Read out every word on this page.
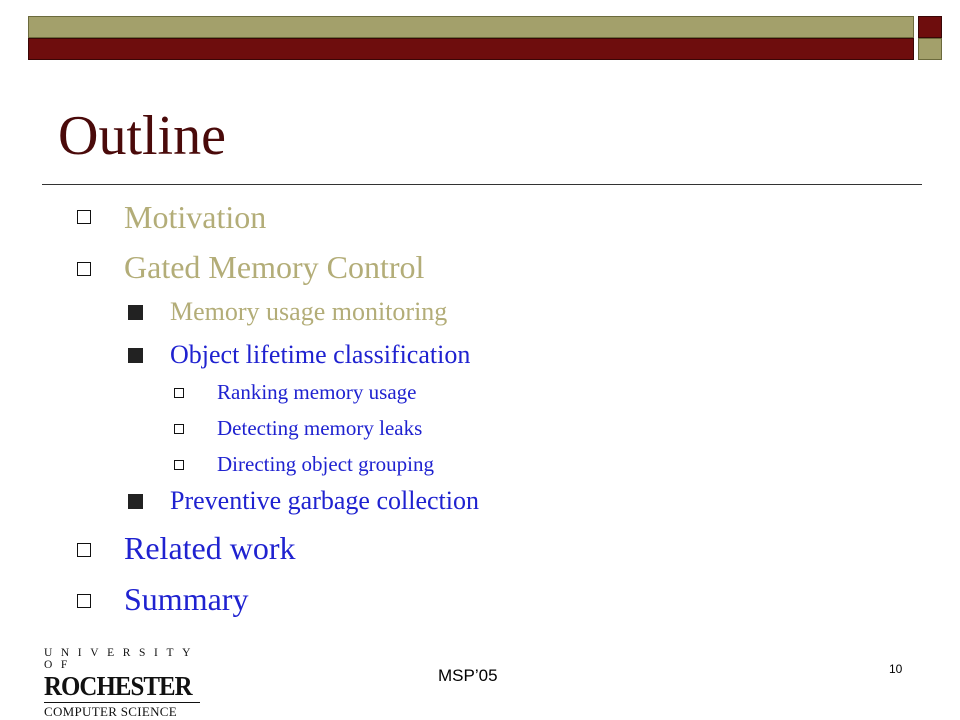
Outline
Motivation
Gated Memory Control
Memory usage monitoring
Object lifetime classification
Ranking memory usage
Detecting memory leaks
Directing object grouping
Preventive garbage collection
Related work
Summary
UNIVERSITY OF
ROCHESTER
COMPUTER SCIENCE
MSP’05	10
